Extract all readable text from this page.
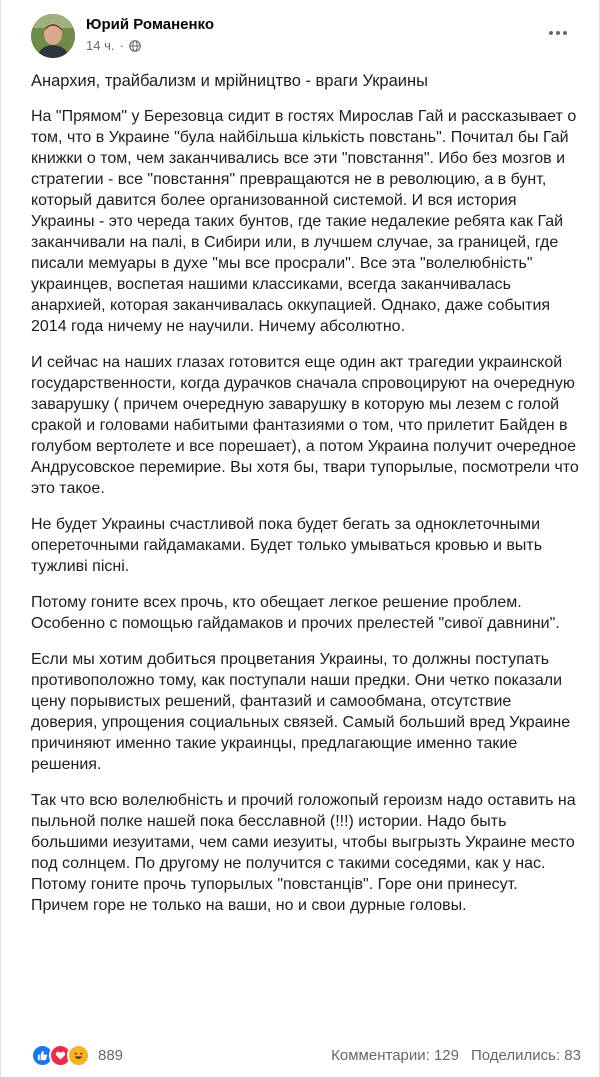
Юрий Романенко
14 ч. ·

Анархия, трайбализм и мрійництво - враги Украины

На "Прямом" у Березовца сидит в гостях Мирослав Гай и рассказывает о том, что в Украине "була найбільша кількість повстань". Почитал бы Гай книжки о том, чем заканчивались все эти "повстання". Ибо без мозгов и стратегии - все "повстання" превращаются не в революцию, а в бунт, который давится более организованной системой. И вся история Украины - это череда таких бунтов, где такие недалекие ребята как Гай заканчивали на палі, в Сибири или, в лучшем случае, за границей, где писали мемуары в духе "мы все просрали". Все эта "волелюбність" украинцев, воспетая нашими классиками, всегда заканчивалась анархией, которая заканчивалась оккупацией. Однако, даже события 2014 года ничему не научили. Ничему абсолютно.

И сейчас на наших глазах готовится еще один акт трагедии украинской государственности, когда дурачков сначала спровоцируют на очередную заварушку ( причем очередную заварушку в которую мы лезем с голой сракой и головами набитыми фантазиями о том, что прилетит Байден в голубом вертолете и все порешает), а потом Украина получит очередное Андрусовское перемирие. Вы хотя бы, твари тупорылые, посмотрели что это такое.

Не будет Украины счастливой пока будет бегать за одноклеточными опереточными гайдамаками. Будет только умываться кровью и выть тужливі пісні.

Потому гоните всех прочь, кто обещает легкое решение проблем. Особенно с помощью гайдамаков и прочих прелестей "сивої давнини".

Если мы хотим добиться процветания Украины, то должны поступать противоположно тому, как поступали наши предки. Они четко показали цену порывистых решений, фантазий и самообмана, отсутствие доверия, упрощения социальных связей. Самый больший вред Украине причиняют именно такие украинцы, предлагающие именно такие решения.

Так что всю волелюбність и прочий голожопый героизм надо оставить на пыльной полке нашей пока бесславной (!!!) истории. Надо быть большими иезуитами, чем сами иезуиты, чтобы выгрызть Украине место под солнцем. По другому не получится с такими соседями, как у нас. Потому гоните прочь тупорылых "повстанців". Горе они принесут. Причем горе не только на ваши, но и свои дурные головы.

889	Комментарии: 129 Поделились: 83
